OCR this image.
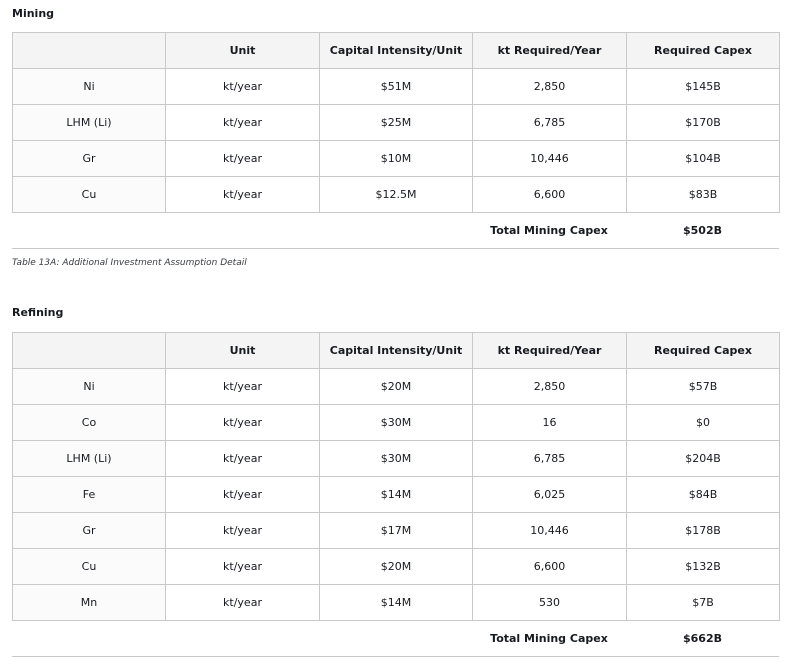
Mining
	Unit	Capital Intensity/Unit	kt Required/Year	Required Capex
Ni	kt/year	$51M	2,850	$145B
LHM (Li)	kt/year	$25M	6,785	$170B
Gr	kt/year	$10M	10,446	$104B
Cu	kt/year	$12.5M	6,600	$83B
Total Mining Capex	$502B

Table 13A: Additional Investment Assumption Detail

Refining
	Unit	Capital Intensity/Unit	kt Required/Year	Required Capex
Ni	kt/year	$20M	2,850	$57B
Co	kt/year	$30M	16	$0
LHM (Li)	kt/year	$30M	6,785	$204B
Fe	kt/year	$14M	6,025	$84B
Gr	kt/year	$17M	10,446	$178B
Cu	kt/year	$20M	6,600	$132B
Mn	kt/year	$14M	530	$7B
Total Mining Capex	$662B
